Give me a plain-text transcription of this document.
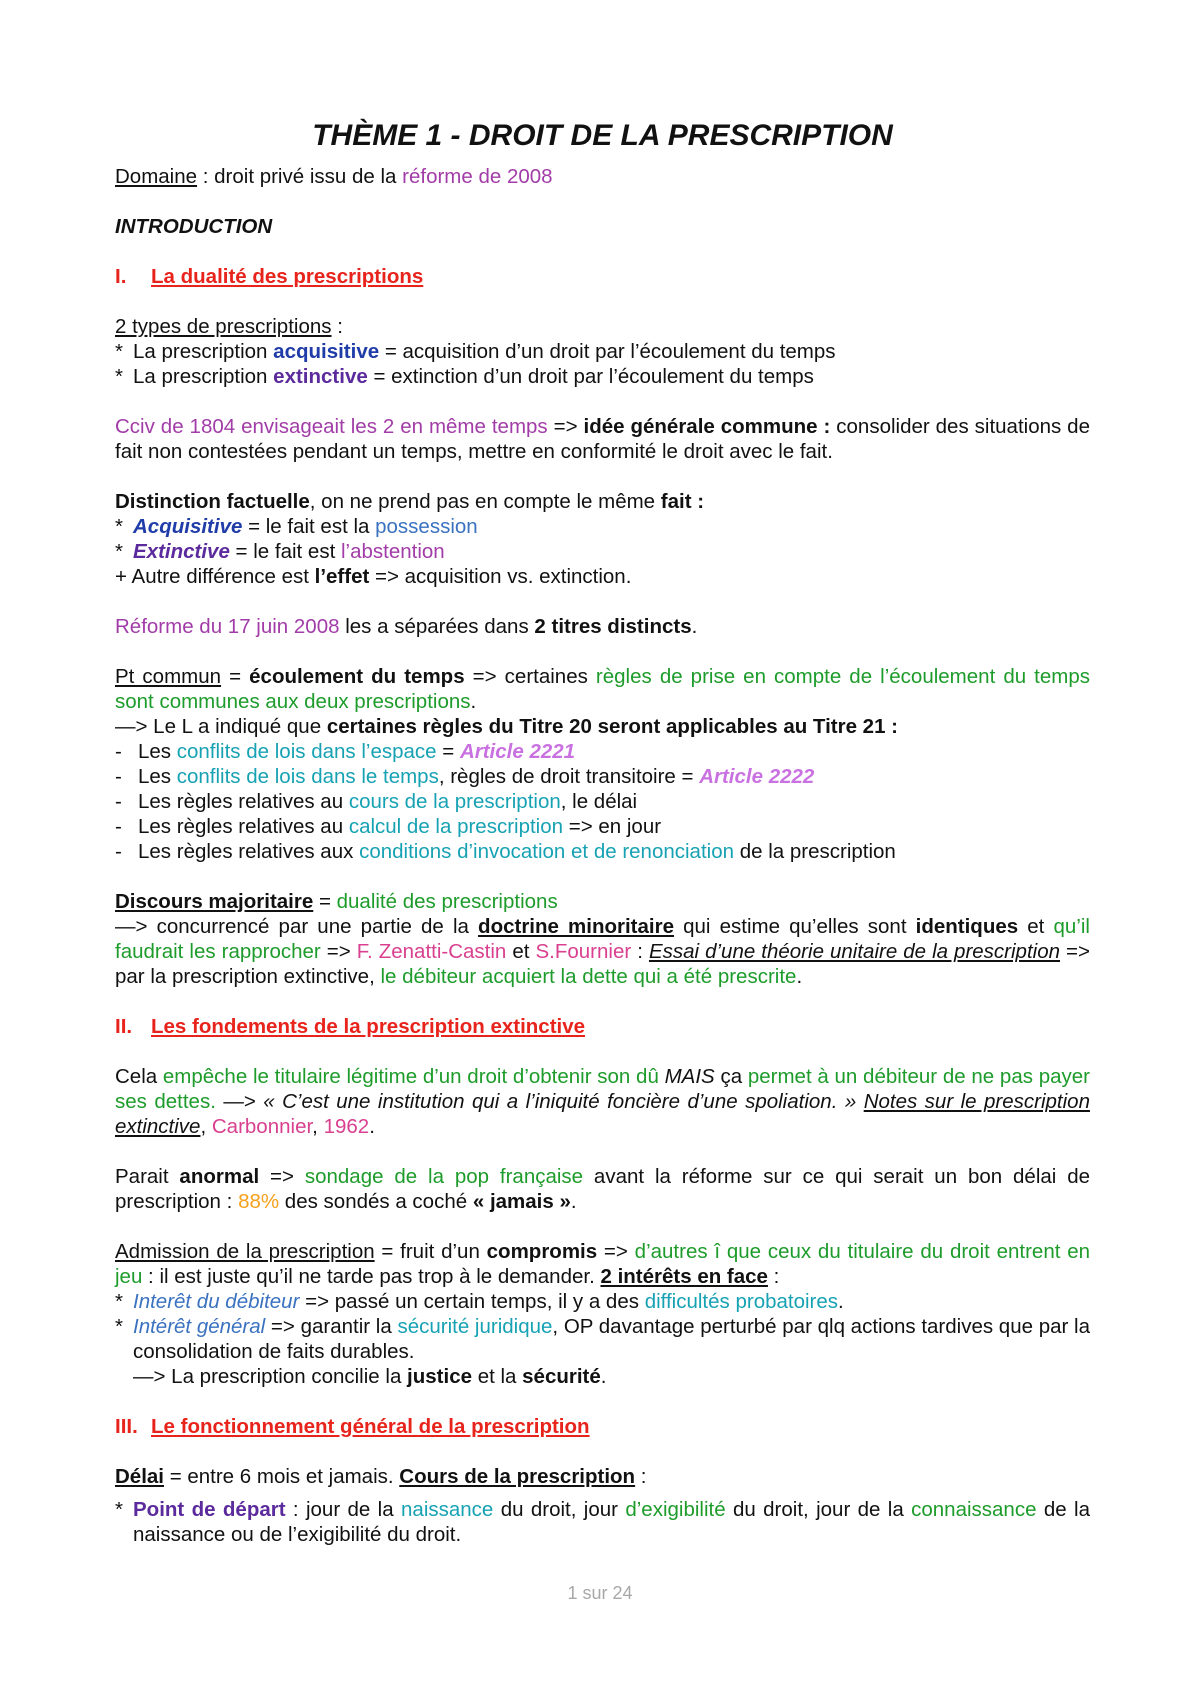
THÈME 1 - DROIT DE LA PRESCRIPTION

Domaine : droit privé issu de la réforme de 2008

INTRODUCTION

I. La dualité des prescriptions

2 types de prescriptions :

* La prescription acquisitive = acquisition d’un droit par l’écoulement du temps

* La prescription extinctive = extinction d’un droit par l’écoulement du temps

Cciv de 1804 envisageait les 2 en même temps => idée générale commune : consolider des situations de fait non contestées pendant un temps, mettre en conformité le droit avec le fait.

Distinction factuelle, on ne prend pas en compte le même fait :

* Acquisitive = le fait est la possession

* Extinctive = le fait est l’abstention

+ Autre différence est l’effet => acquisition vs. extinction.

Réforme du 17 juin 2008 les a séparées dans 2 titres distincts.

Pt commun = écoulement du temps => certaines règles de prise en compte de l’écoulement du temps sont communes aux deux prescriptions.

—> Le L a indiqué que certaines règles du Titre 20 seront applicables au Titre 21 :

- Les conflits de lois dans l’espace = Article 2221

- Les conflits de lois dans le temps, règles de droit transitoire = Article 2222

- Les règles relatives au cours de la prescription, le délai

- Les règles relatives au calcul de la prescription => en jour

- Les règles relatives aux conditions d’invocation et de renonciation de la prescription

Discours majoritaire = dualité des prescriptions

—> concurrencé par une partie de la doctrine minoritaire qui estime qu’elles sont identiques et qu’il faudrait les rapprocher => F. Zenatti-Castin et S.Fournier : Essai d’une théorie unitaire de la prescription => par la prescription extinctive, le débiteur acquiert la dette qui a été prescrite.

II. Les fondements de la prescription extinctive

Cela empêche le titulaire légitime d’un droit d’obtenir son dû MAIS ça permet à un débiteur de ne pas payer ses dettes. —> « C’est une institution qui a l’iniquité foncière d’une spoliation. » Notes sur le prescription extinctive, Carbonnier, 1962.

Parait anormal => sondage de la pop française avant la réforme sur ce qui serait un bon délai de prescription : 88% des sondés a coché « jamais ».

Admission de la prescription = fruit d’un compromis => d’autres î que ceux du titulaire du droit entrent en jeu : il est juste qu’il ne tarde pas trop à le demander. 2 intérêts en face :

* Interêt du débiteur => passé un certain temps, il y a des difficultés probatoires.

* Intérêt général => garantir la sécurité juridique, OP davantage perturbé par qlq actions tardives que par la consolidation de faits durables.

—> La prescription concilie la justice et la sécurité.

III. Le fonctionnement général de la prescription

Délai = entre 6 mois et jamais. Cours de la prescription :

* Point de départ : jour de la naissance du droit, jour d’exigibilité du droit, jour de la connaissance de la naissance ou de l’exigibilité du droit.

1 sur 24
